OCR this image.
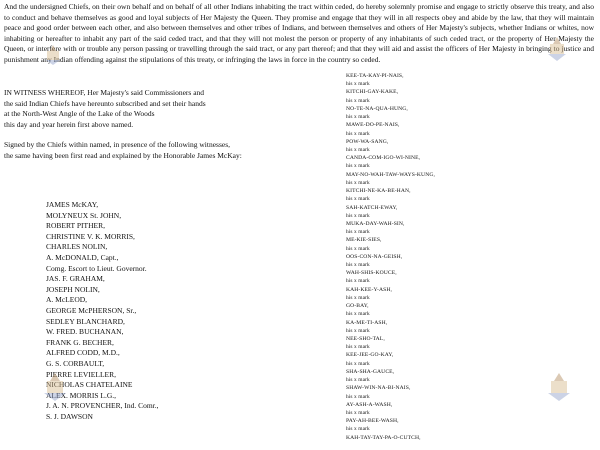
And the undersigned Chiefs, on their own behalf and on behalf of all other Indians inhabiting the tract within ceded, do hereby solemnly promise and engage to strictly observe this treaty, and also to conduct and behave themselves as good and loyal subjects of Her Majesty the Queen. They promise and engage that they will in all respects obey and abide by the law, that they will maintain peace and good order between each other, and also between themselves and other tribes of Indians, and between themselves and others of Her Majesty's subjects, whether Indians or whites, now inhabiting or hereafter to inhabit any part of the said ceded tract, and that they will not molest the person or property of any inhabitants of such ceded tract, or the property of Her Majesty the Queen, or interfere with or trouble any person passing or travelling through the said tract, or any part thereof; and that they will aid and assist the officers of Her Majesty in bringing to justice and punishment any Indian offending against the stipulations of this treaty, or infringing the laws in force in the country so ceded.

IN WITNESS WHEREOF, Her Majesty's said Commissioners and
the said Indian Chiefs have hereunto subscribed and set their hands
at the North-West Angle of the Lake of the Woods
this day and year herein first above named.
Signed by the Chiefs within named, in presence of the following witnesses,
the same having been first read and explained by the Honorable James McKay:
JAMES McKAY,
MOLYNEUX St. JOHN,
ROBERT PITHER,
CHRISTINE V. K. MORRIS,
CHARLES NOLIN,
A. McDONALD, Capt.,
Comg. Escort to Lieut. Governor.
JAS. F. GRAHAM,
JOSEPH NOLIN,
A. McLEOD,
GEORGE McPHERSON, Sr.,
SEDLEY BLANCHARD,
W. FRED. BUCHANAN,
FRANK G. BECHER,
ALFRED CODD, M.D.,
G. S. CORBAULT,
PIERRE LEVIELLER,
NICHOLAS CHATELAINE
ALEX. MORRIS L.G.,
J. A. N. PROVENCHER, Ind. Comr.,
S. J. DAWSON
KEE-TA-KAY-PI-NAIS,
his x mark
KITCHI-GAY-KAKE,
his x mark
NO-TE-NA-QUA-HUNG,
his x mark
MAWE-DO-PE-NAIS,
his x mark
POW-WA-SANG,
his x mark
CANDA-COM-IGO-WI-NINE,
his x mark
MAY-NO-WAH-TAW-WAYS-KUNG,
his x mark
KITCHI-NE-KA-BE-HAN,
his x mark
SAH-KATCH-EWAY,
his x mark
MUKA-DAY-WAH-SIN,
his x mark
ME-KIE-SIES,
his x mark
OOS-CON-NA-GEISH,
his x mark
WAH-SHIS-KOUCE,
his x mark
KAH-KEE-Y-ASH,
his x mark
GO-BAY,
his x mark
KA-ME-TI-ASH,
his x mark
NEE-SHO-TAL,
his x mark
KEE-JEE-GO-KAY,
his x mark
SHA-SHA-GAUCE,
his x mark
SHAW-WIN-NA-BI-NAIS,
his x mark
AY-ASH-A-WASH,
his x mark
PAY-AH-BEE-WASH,
his x mark
KAH-TAY-TAY-PA-O-CUTCH,
